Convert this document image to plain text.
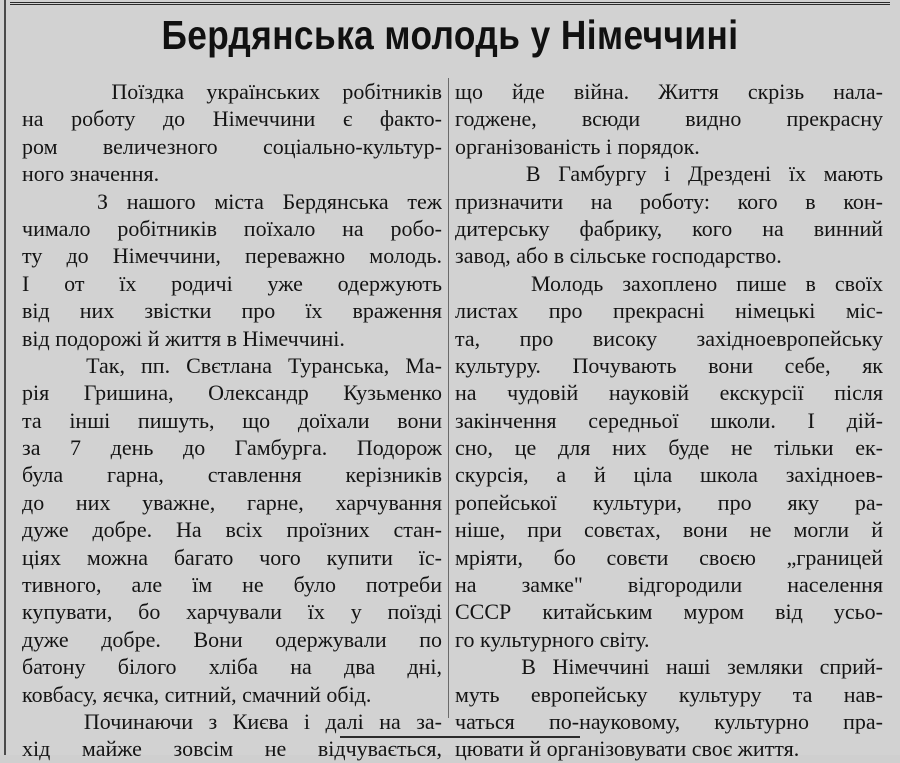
Бердянська молодь у Німеччині
Поїздка українських робітників
на роботу до Німеччини є факто-
ром величезного соціально-культур-
ного значення.
З нашого міста Бердянська теж
чимало робітників поїхало на робо-
ту до Німеччини, переважно молодь.
І от їх родичі уже одержують
від них звістки про їх враження
від подорожі й життя в Німеччині.
Так, пп. Свєтлана Туранська, Ма-
рія Гришина, Олександр Кузьменко
та інші пишуть, що доїхали вони
за 7 день до Гамбурга. Подорож
була гарна, ставлення керізників
до них уважне, гарне, харчування
дуже добре. На всіх проїзних стан-
ціях можна багато чого купити їс-
тивного, але їм не було потреби
купувати, бо харчували їх у поїзді
дуже добре. Вони одержували по
батону білого хліба на два дні,
ковбасу, яєчка, ситний, смачний обід.
Починаючи з Києва і далі на за-
хід майже зовсім не відчувається,
що йде війна. Життя скрізь нала-
годжене, всюди видно прекрасну
організованість і порядок.
В Гамбургу і Дрездені їх мають
призначити на роботу: кого в кон-
дитерську фабрику, кого на винний
завод, або в сільське господарство.
Молодь захоплено пише в своїх
листах про прекрасні німецькі міс-
та, про високу західноевропейську
культуру. Почувають вони себе, як
на чудовій науковій екскурсії після
закінчення середньої школи. І дій-
сно, це для них буде не тільки ек-
скурсія, а й ціла школа західноев-
ропейської культури, про яку ра-
ніше, при совєтах, вони не могли й
мріяти, бо совєти своєю „границей
на замке" відгородили населення
СССР китайським муром від усьо-
го культурного світу.
В Німеччині наші земляки сприй-
муть европейську культуру та нав-
чаться по-науковому, культурно пра-
цювати й організовувати своє життя.
